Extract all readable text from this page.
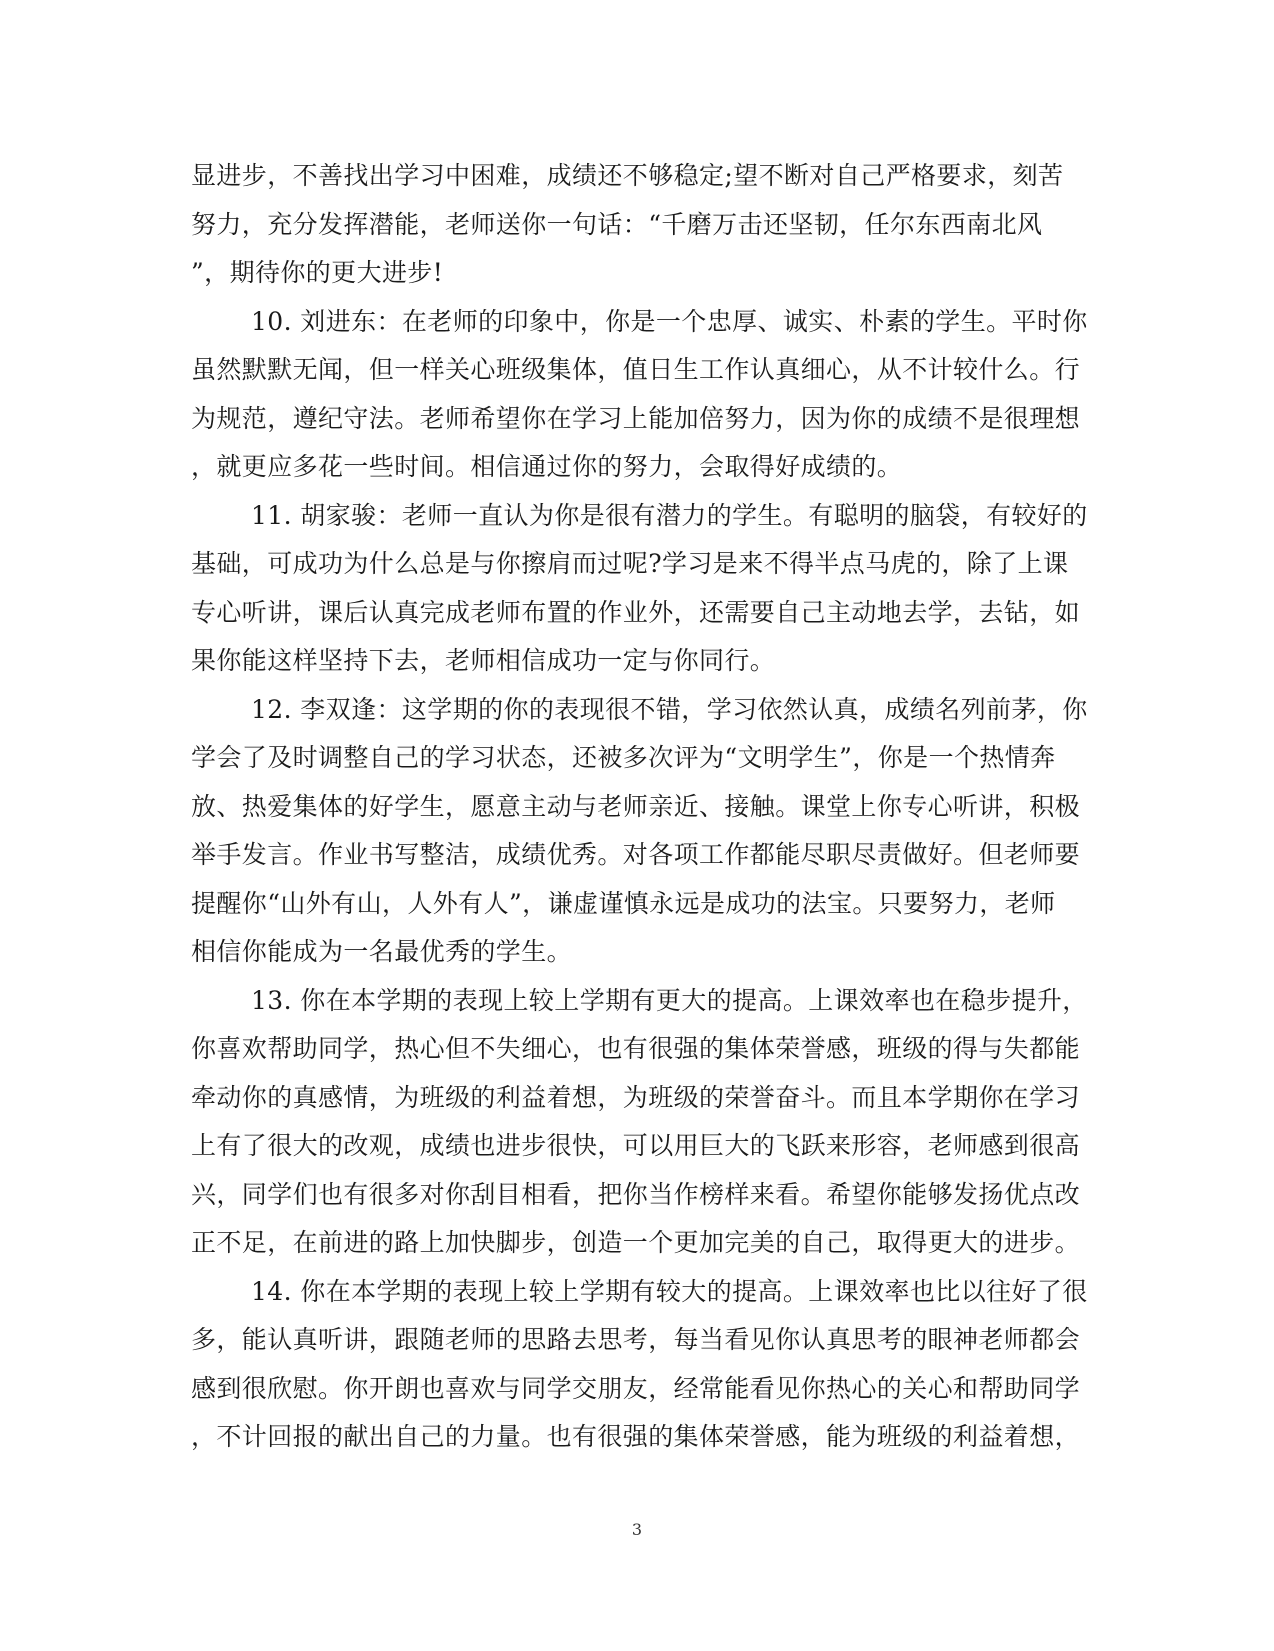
显进步，不善找出学习中困难，成绩还不够稳定;望不断对自己严格要求，刻苦
努力，充分发挥潜能，老师送你一句话：“千磨万击还坚韧，任尔东西南北风
”，期待你的更大进步!
10. 刘进东：在老师的印象中，你是一个忠厚、诚实、朴素的学生。平时你
虽然默默无闻，但一样关心班级集体，值日生工作认真细心，从不计较什么。行
为规范，遵纪守法。老师希望你在学习上能加倍努力，因为你的成绩不是很理想
，就更应多花一些时间。相信通过你的努力，会取得好成绩的。
11. 胡家骏：老师一直认为你是很有潜力的学生。有聪明的脑袋，有较好的
基础，可成功为什么总是与你擦肩而过呢?学习是来不得半点马虎的，除了上课
专心听讲，课后认真完成老师布置的作业外，还需要自己主动地去学，去钻，如
果你能这样坚持下去，老师相信成功一定与你同行。
12. 李双逢：这学期的你的表现很不错，学习依然认真，成绩名列前茅，你
学会了及时调整自己的学习状态，还被多次评为“文明学生”，你是一个热情奔
放、热爱集体的好学生，愿意主动与老师亲近、接触。课堂上你专心听讲，积极
举手发言。作业书写整洁，成绩优秀。对各项工作都能尽职尽责做好。但老师要
提醒你“山外有山，人外有人”，谦虚谨慎永远是成功的法宝。只要努力，老师
相信你能成为一名最优秀的学生。
13. 你在本学期的表现上较上学期有更大的提高。上课效率也在稳步提升，
你喜欢帮助同学，热心但不失细心，也有很强的集体荣誉感，班级的得与失都能
牵动你的真感情，为班级的利益着想，为班级的荣誉奋斗。而且本学期你在学习
上有了很大的改观，成绩也进步很快，可以用巨大的飞跃来形容，老师感到很高
兴，同学们也有很多对你刮目相看，把你当作榜样来看。希望你能够发扬优点改
正不足，在前进的路上加快脚步，创造一个更加完美的自己，取得更大的进步。
14. 你在本学期的表现上较上学期有较大的提高。上课效率也比以往好了很
多，能认真听讲，跟随老师的思路去思考，每当看见你认真思考的眼神老师都会
感到很欣慰。你开朗也喜欢与同学交朋友，经常能看见你热心的关心和帮助同学
，不计回报的献出自己的力量。也有很强的集体荣誉感，能为班级的利益着想，
3
